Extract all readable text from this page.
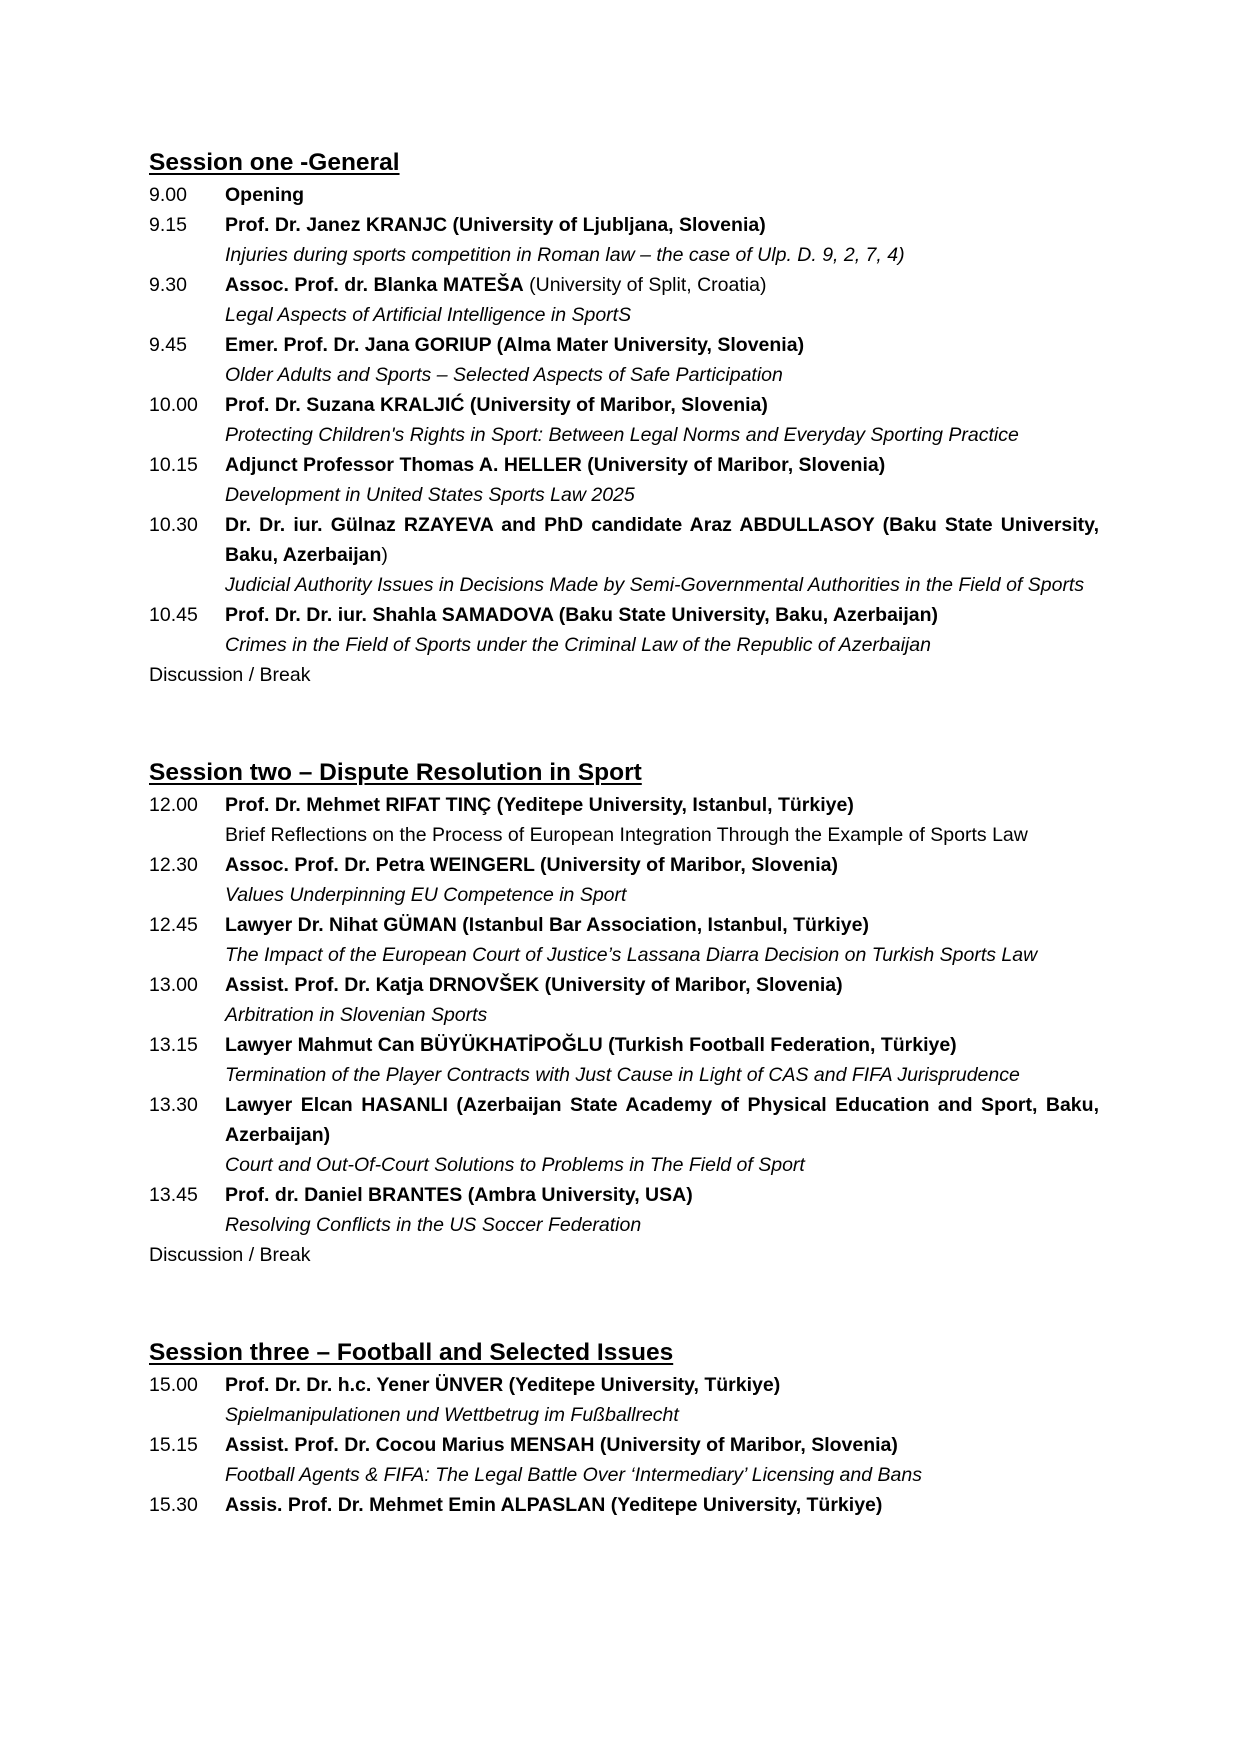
Session one -General
9.00	Opening
9.15	Prof. Dr. Janez KRANJC (University of Ljubljana, Slovenia)
Injuries during sports competition in Roman law – the case of Ulp. D. 9, 2, 7, 4)
9.30	Assoc. Prof. dr. Blanka MATEŠA (University of Split, Croatia)
Legal Aspects of Artificial Intelligence in SportS
9.45	Emer. Prof. Dr. Jana GORIUP (Alma Mater University, Slovenia)
Older Adults and Sports – Selected Aspects of Safe Participation
10.00	Prof. Dr. Suzana KRALJIĆ (University of Maribor, Slovenia)
Protecting Children's Rights in Sport: Between Legal Norms and Everyday Sporting Practice
10.15	Adjunct Professor Thomas A. HELLER (University of Maribor, Slovenia)
Development in United States Sports Law 2025
10.30	Dr. Dr. iur. Gülnaz RZAYEVA and PhD candidate Araz ABDULLASOY (Baku State University, Baku, Azerbaijan)
Judicial Authority Issues in Decisions Made by Semi-Governmental Authorities in the Field of Sports
10.45	Prof. Dr. Dr. iur. Shahla SAMADOVA (Baku State University, Baku, Azerbaijan)
Crimes in the Field of Sports under the Criminal Law of the Republic of Azerbaijan
Discussion / Break
Session two – Dispute Resolution in Sport
12.00	Prof. Dr. Mehmet RIFAT TINÇ (Yeditepe University, Istanbul, Türkiye)
Brief Reflections on the Process of European Integration Through the Example of Sports Law
12.30	Assoc. Prof. Dr. Petra WEINGERL (University of Maribor, Slovenia)
Values Underpinning EU Competence in Sport
12.45	Lawyer Dr. Nihat GÜMAN (Istanbul Bar Association, Istanbul, Türkiye)
The Impact of the European Court of Justice’s Lassana Diarra Decision on Turkish Sports Law
13.00	Assist. Prof. Dr. Katja DRNOVŠEK (University of Maribor, Slovenia)
Arbitration in Slovenian Sports
13.15	Lawyer Mahmut Can BÜYÜKHATİPOĞLU (Turkish Football Federation, Türkiye)
Termination of the Player Contracts with Just Cause in Light of CAS and FIFA Jurisprudence
13.30	Lawyer Elcan HASANLI (Azerbaijan State Academy of Physical Education and Sport, Baku, Azerbaijan)
Court and Out-Of-Court Solutions to Problems in The Field of Sport
13.45	Prof. dr. Daniel BRANTES (Ambra University, USA)
Resolving Conflicts in the US Soccer Federation
Discussion / Break
Session three – Football and Selected Issues
15.00	Prof. Dr. Dr. h.c. Yener ÜNVER (Yeditepe University, Türkiye)
Spielmanipulationen und Wettbetrug im Fußballrecht
15.15	Assist. Prof. Dr. Cocou Marius MENSAH (University of Maribor, Slovenia)
Football Agents & FIFA: The Legal Battle Over ‘Intermediary’ Licensing and Bans
15.30	Assis. Prof. Dr. Mehmet Emin ALPASLAN (Yeditepe University, Türkiye)
